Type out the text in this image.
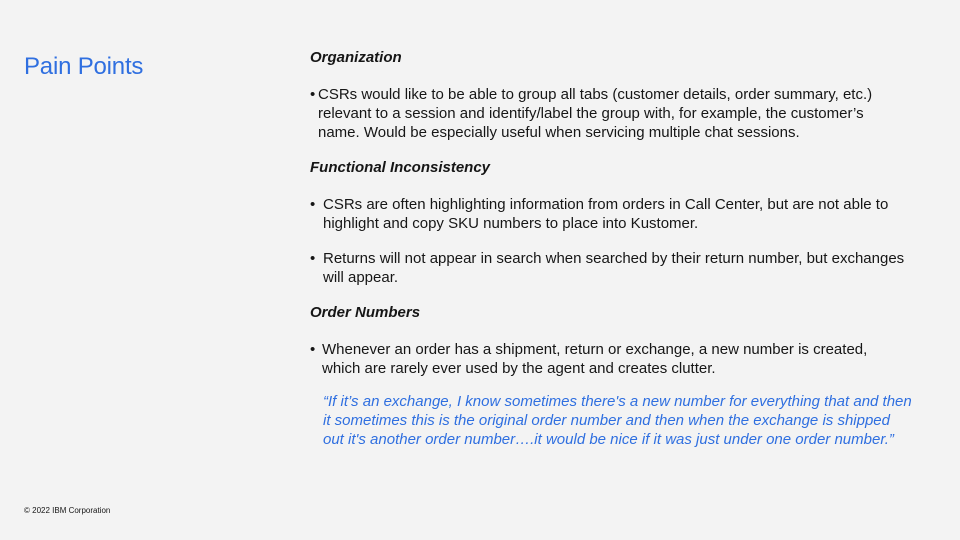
Pain Points	Organization

• CSRs would like to be able to group all tabs (customer details, order summary, etc.) relevant to a session and identify/label the group with, for example, the customer’s name. Would be especially useful when servicing multiple chat sessions.

Functional Inconsistency

• CSRs are often highlighting information from orders in Call Center, but are not able to highlight and copy SKU numbers to place into Kustomer.
• Returns will not appear in search when searched by their return number, but exchanges will appear.

Order Numbers

• Whenever an order has a shipment, return or exchange, a new number is created, which are rarely ever used by the agent and creates clutter.

“If it’s an exchange, I know sometimes there's a new number for everything that and then it sometimes this is the original order number and then when the exchange is shipped out it's another order number….it would be nice if it was just under one order number.”

© 2022 IBM Corporation
